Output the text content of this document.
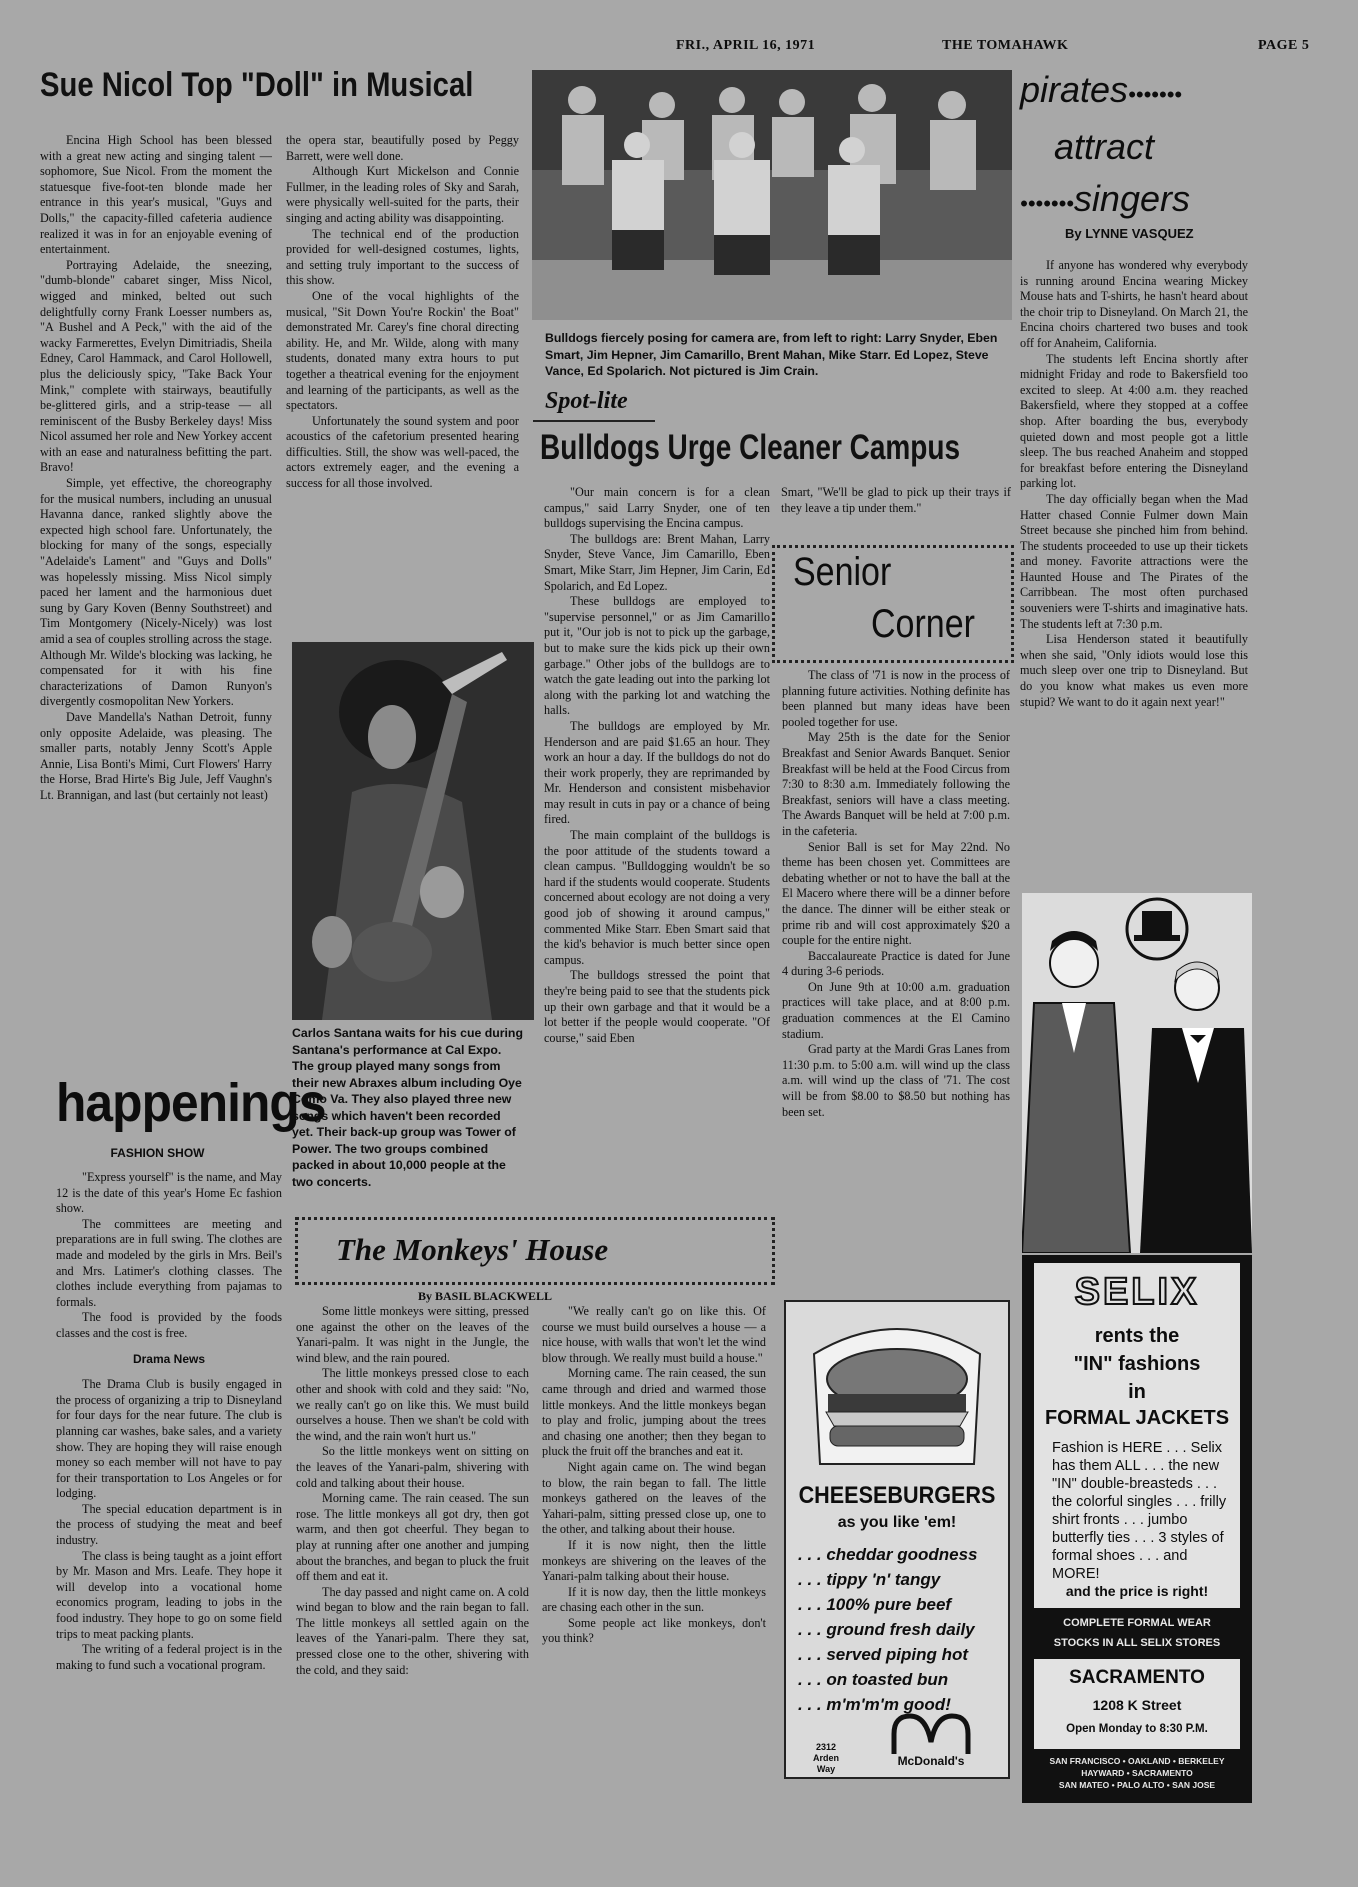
FRI., APRIL 16, 1971	THE TOMAHAWK	PAGE 5
Sue Nicol Top "Doll" in Musical

Encina High School has been blessed with a great new acting and singing talent — sophomore, Sue Nicol. From the moment the statuesque five-foot-ten blonde made her entrance in this year's musical, "Guys and Dolls," the capacity-filled cafeteria audience realized it was in for an enjoyable evening of entertainment.

Portraying Adelaide, the sneezing, "dumb-blonde" cabaret singer, Miss Nicol, wigged and minked, belted out such delightfully corny Frank Loesser numbers as, "A Bushel and A Peck," with the aid of the wacky Farmerettes, Evelyn Dimitriadis, Sheila Edney, Carol Hammack, and Carol Hollowell, plus the deliciously spicy, "Take Back Your Mink," complete with stairways, beautifully be-glittered girls, and a strip-tease — all reminiscent of the Busby Berkeley days! Miss Nicol assumed her role and New Yorkey accent with an ease and naturalness befitting the part. Bravo!

Simple, yet effective, the choreography for the musical numbers, including an unusual Havanna dance, ranked slightly above the expected high school fare. Unfortunately, the blocking for many of the songs, especially "Adelaide's Lament" and "Guys and Dolls" was hopelessly missing. Miss Nicol simply paced her lament and the harmonious duet sung by Gary Koven (Benny Southstreet) and Tim Montgomery (Nicely-Nicely) was lost amid a sea of couples strolling across the stage. Although Mr. Wilde's blocking was lacking, he compensated for it with his fine characterizations of Damon Runyon's divergently cosmopolitan New Yorkers.

Dave Mandella's Nathan Detroit, funny only opposite Adelaide, was pleasing. The smaller parts, notably Jenny Scott's Apple Annie, Lisa Bonti's Mimi, Curt Flowers' Harry the Horse, Brad Hirte's Big Jule, Jeff Vaughn's Lt. Brannigan, and last (but certainly not least)

the opera star, beautifully posed by Peggy Barrett, were well done.

Although Kurt Mickelson and Connie Fullmer, in the leading roles of Sky and Sarah, were physically well-suited for the parts, their singing and acting ability was disappointing.

The technical end of the production provided for well-designed costumes, lights, and setting truly important to the success of this show.

One of the vocal highlights of the musical, "Sit Down You're Rockin' the Boat" demonstrated Mr. Carey's fine choral directing ability. He, and Mr. Wilde, along with many students, donated many extra hours to put together a theatrical evening for the enjoyment and learning of the participants, as well as the spectators.

Unfortunately the sound system and poor acoustics of the cafetorium presented hearing difficulties. Still, the show was well-paced, the actors extremely eager, and the evening a success for all those involved.

Carlos Santana waits for his cue during Santana's performance at Cal Expo. The group played many songs from their new Abraxes album including Oye Como Va. They also played three new songs which haven't been recorded yet. Their back-up group was Tower of Power. The two groups combined packed in about 10,000 people at the two concerts.
Bulldogs fiercely posing for camera are, from left to right: Larry Snyder, Eben Smart, Jim Hepner, Jim Camarillo, Brent Mahan, Mike Starr. Ed Lopez, Steve Vance, Ed Spolarich. Not pictured is Jim Crain.
Spot-lite
Bulldogs Urge Cleaner Campus

"Our main concern is for a clean campus," said Larry Snyder, one of ten bulldogs supervising the Encina campus.

The bulldogs are: Brent Mahan, Larry Snyder, Steve Vance, Jim Camarillo, Eben Smart, Mike Starr, Jim Hepner, Jim Carin, Ed Spolarich, and Ed Lopez.

These bulldogs are employed to "supervise personnel," or as Jim Camarillo put it, "Our job is not to pick up the garbage, but to make sure the kids pick up their own garbage." Other jobs of the bulldogs are to watch the gate leading out into the parking lot along with the parking lot and watching the halls.

The bulldogs are employed by Mr. Henderson and are paid $1.65 an hour. They work an hour a day. If the bulldogs do not do their work properly, they are reprimanded by Mr. Henderson and consistent misbehavior may result in cuts in pay or a chance of being fired.

The main complaint of the bulldogs is the poor attitude of the students toward a clean campus. "Bulldogging wouldn't be so hard if the students would cooperate. Students concerned about ecology are not doing a very good job of showing it around campus," commented Mike Starr. Eben Smart said that the kid's behavior is much better since open campus.

The bulldogs stressed the point that they're being paid to see that the students pick up their own garbage and that it would be a lot better if the people would cooperate. "Of course," said Eben

Smart, "We'll be glad to pick up their trays if they leave a tip under them."

Senior
Corner

The class of '71 is now in the process of planning future activities. Nothing definite has been planned but many ideas have been pooled together for use.

May 25th is the date for the Senior Breakfast and Senior Awards Banquet. Senior Breakfast will be held at the Food Circus from 7:30 to 8:30 a.m. Immediately following the Breakfast, seniors will have a class meeting. The Awards Banquet will be held at 7:00 p.m. in the cafeteria.

Senior Ball is set for May 22nd. No theme has been chosen yet. Committees are debating whether or not to have the ball at the El Macero where there will be a dinner before the dance. The dinner will be either steak or prime rib and will cost approximately $20 a couple for the entire night.

Baccalaureate Practice is dated for June 4 during 3-6 periods.

On June 9th at 10:00 a.m. graduation practices will take place, and at 8:00 p.m. graduation commences at the El Camino stadium.

Grad party at the Mardi Gras Lanes from 11:30 p.m. to 5:00 a.m. will wind up the class a.m. will wind up the class of '71. The cost will be from $8.00 to $8.50 but nothing has been set.

pirates•••••••
attract
•••••••singers
By LYNNE VASQUEZ

If anyone has wondered why everybody is running around Encina wearing Mickey Mouse hats and T-shirts, he hasn't heard about the choir trip to Disneyland. On March 21, the Encina choirs chartered two buses and took off for Anaheim, California.

The students left Encina shortly after midnight Friday and rode to Bakersfield too excited to sleep. At 4:00 a.m. they reached Bakersfield, where they stopped at a coffee shop. After boarding the bus, everybody quieted down and most people got a little sleep. The bus reached Anaheim and stopped for breakfast before entering the Disneyland parking lot.

The day officially began when the Mad Hatter chased Connie Fulmer down Main Street because she pinched him from behind. The students proceeded to use up their tickets and money. Favorite attractions were the Haunted House and The Pirates of the Carribbean. The most often purchased souveniers were T-shirts and imaginative hats. The students left at 7:30 p.m.

Lisa Henderson stated it beautifully when she said, "Only idiots would lose this much sleep over one trip to Disneyland. But do you know what makes us even more stupid? We want to do it again next year!"

happenings
FASHION SHOW

"Express yourself" is the name, and May 12 is the date of this year's Home Ec fashion show.

The committees are meeting and preparations are in full swing. The clothes are made and modeled by the girls in Mrs. Beil's and Mrs. Latimer's clothing classes. The clothes include everything from pajamas to formals.

The food is provided by the foods classes and the cost is free.

Drama News

The Drama Club is busily engaged in the process of organizing a trip to Disneyland for four days for the near future. The club is planning car washes, bake sales, and a variety show. They are hoping they will raise enough money so each member will not have to pay for their transportation to Los Angeles or for lodging.

The special education department is in the process of studying the meat and beef industry.

The class is being taught as a joint effort by Mr. Mason and Mrs. Leafe. They hope it will develop into a vocational home economics program, leading to jobs in the food industry. They hope to go on some field trips to meat packing plants.

The writing of a federal project is in the making to fund such a vocational program.

The Monkeys' House
By BASIL BLACKWELL

Some little monkeys were sitting, pressed one against the other on the leaves of the Yanari-palm. It was night in the Jungle, the wind blew, and the rain poured.

The little monkeys pressed close to each other and shook with cold and they said: "No, we really can't go on like this. We must build ourselves a house. Then we shan't be cold with the wind, and the rain won't hurt us."

So the little monkeys went on sitting on the leaves of the Yanari-palm, shivering with cold and talking about their house.

Morning came. The rain ceased. The sun rose. The little monkeys all got dry, then got warm, and then got cheerful. They began to play at running after one another and jumping about the branches, and began to pluck the fruit off them and eat it.

The day passed and night came on. A cold wind began to blow and the rain began to fall. The little monkeys all settled again on the leaves of the Yanari-palm. There they sat, pressed close one to the other, shivering with the cold, and they said:

"We really can't go on like this. Of course we must build ourselves a house — a nice house, with walls that won't let the wind blow through. We really must build a house."

Morning came. The rain ceased, the sun came through and dried and warmed those little monkeys. And the little monkeys began to play and frolic, jumping about the trees and chasing one another; then they began to pluck the fruit off the branches and eat it.

Night again came on. The wind began to blow, the rain began to fall. The little monkeys gathered on the leaves of the Yahari-palm, sitting pressed close up, one to the other, and talking about their house.

If it is now night, then the little monkeys are shivering on the leaves of the Yanari-palm talking about their house.

If it is now day, then the little monkeys are chasing each other in the sun.

Some people act like monkeys, don't you think?

CHEESEBURGERS
as you like 'em!
. . . cheddar goodness
. . . tippy 'n' tangy
. . . 100% pure beef
. . . ground fresh daily
. . . served piping hot
. . . on toasted bun
. . . m'm'm'm good!
2312 Arden Way
McDonald's
SELIX
rents the
"IN" fashions
in
FORMAL JACKETS
Fashion is HERE . . . Selix has them ALL . . . the new "IN" double-breasteds . . . the colorful singles . . . frilly shirt fronts . . . jumbo butterfly ties . . . 3 styles of formal shoes . . . and MORE!
and the price is right!
COMPLETE FORMAL WEAR STOCKS IN ALL SELIX STORES
SACRAMENTO
1208 K Street
Open Monday to 8:30 P.M.
SAN FRANCISCO • OAKLAND • BERKELEY
HAYWARD • SACRAMENTO
SAN MATEO • PALO ALTO • SAN JOSE
